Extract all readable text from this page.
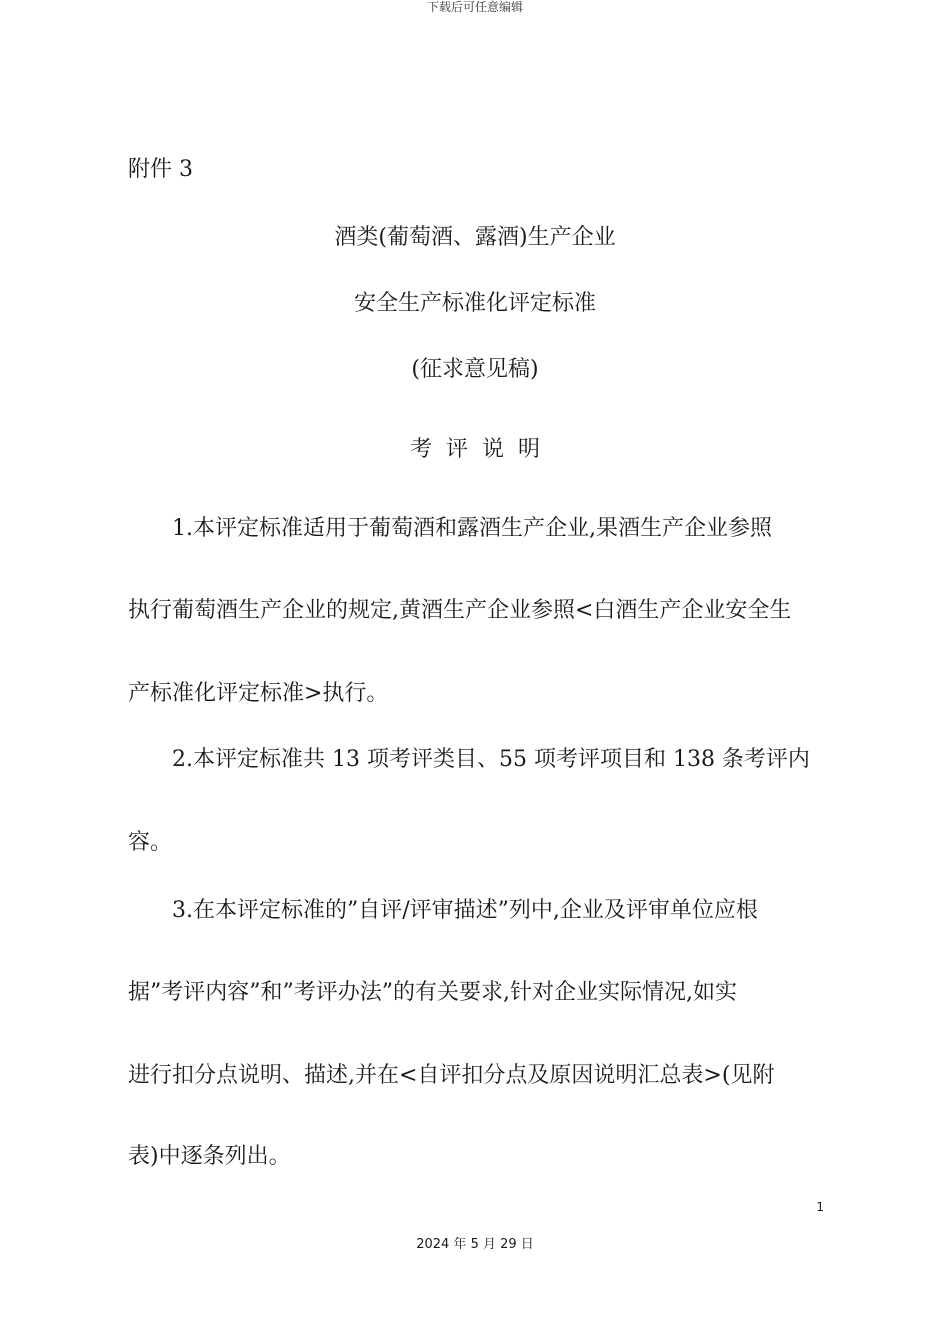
下载后可任意编辑
附件 3
酒类(葡萄酒、露酒)生产企业
安全生产标准化评定标准
(征求意见稿)
考评说明
1.本评定标准适用于葡萄酒和露酒生产企业,果酒生产企业参照
执行葡萄酒生产企业的规定,黄酒生产企业参照<白酒生产企业安全生
产标准化评定标准>执行。
2.本评定标准共 13 项考评类目、55 项考评项目和 138 条考评内
容。
3.在本评定标准的”自评/评审描述”列中,企业及评审单位应根
据”考评内容”和”考评办法”的有关要求,针对企业实际情况,如实
进行扣分点说明、描述,并在<自评扣分点及原因说明汇总表>(见附
表)中逐条列出。
1
2024 年 5 月 29 日
